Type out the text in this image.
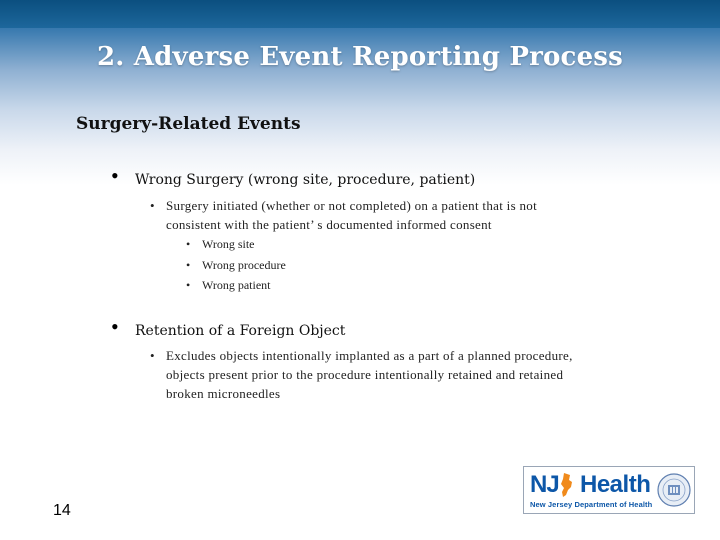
2. Adverse Event Reporting Process
Surgery-Related Events
• Wrong Surgery (wrong site, procedure, patient)
• Surgery initiated (whether or not completed) on a patient that is not
consistent with the patient’ s documented informed consent
• Wrong site
• Wrong procedure
• Wrong patient
• Retention of a Foreign Object
• Excludes objects intentionally implanted as a part of a planned procedure,
objects present prior to the procedure intentionally retained and retained
broken microneedles
14
NJ Health
New Jersey Department of Health
